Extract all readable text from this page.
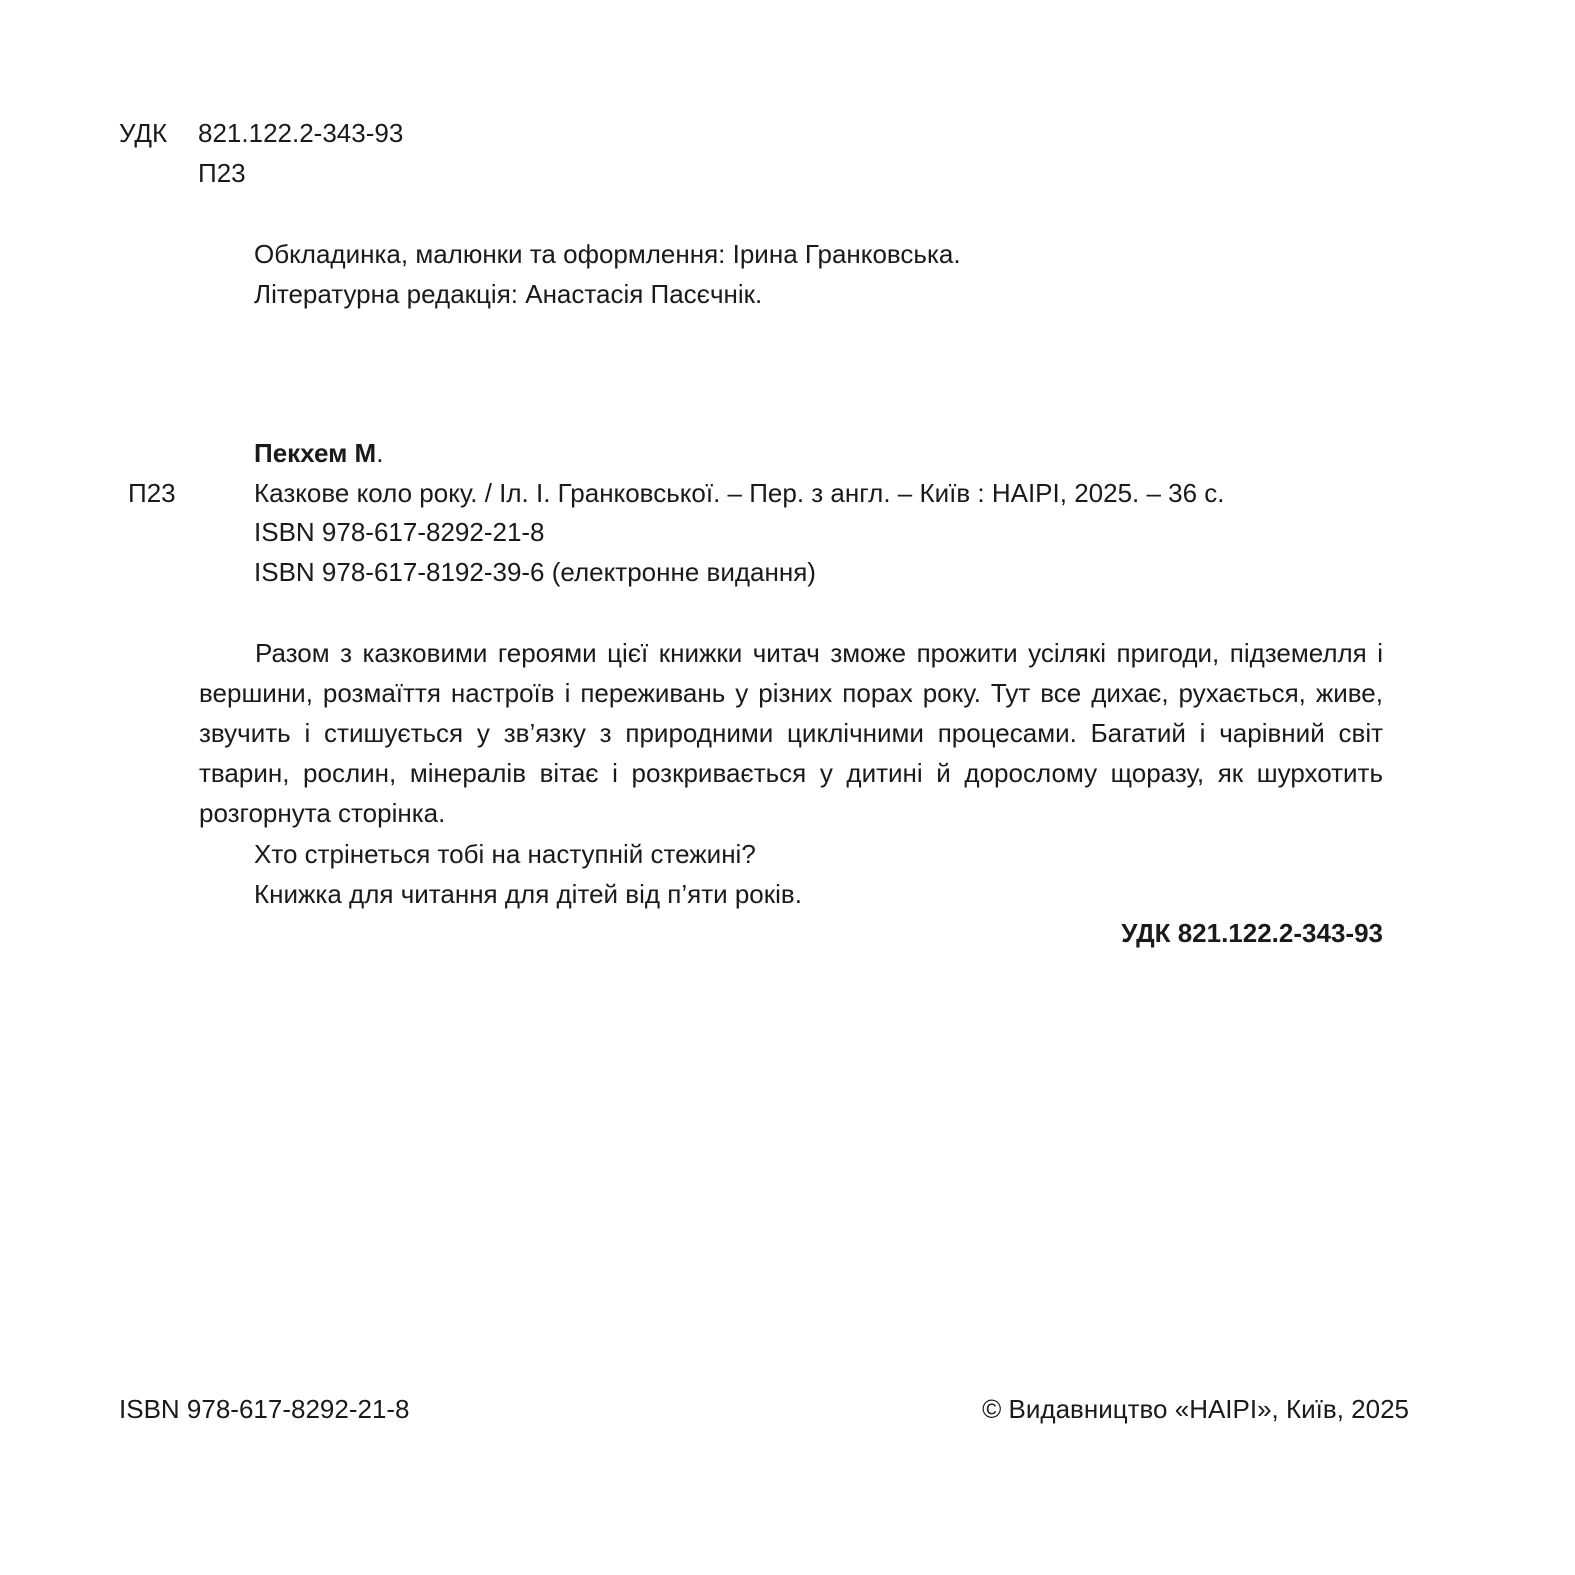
УДК 821.122.2-343-93
П23
Обкладинка, малюнки та оформлення: Ірина Гранковська.
Літературна редакція: Анастасія Пасєчнік.
Пекхем М.
П23	Казкове коло року. / Іл. І. Гранковської. – Пер. з англ. – Київ : НАІРІ, 2025. – 36 с.
ISBN 978-617-8292-21-8
ISBN 978-617-8192-39-6 (електронне видання)

Разом з казковими героями цієї книжки читач зможе прожити усілякі пригоди, підземелля і вершини, розмаїття настроїв і переживань у різних порах року. Тут все дихає, рухається, живе, звучить і стишується у зв’язку з природними циклічними процесами. Багатий і чарівний світ тварин, рослин, мінералів вітає і розкривається у дитині й дорослому щоразу, як шурхотить розгорнута сторінка.

Хто стрінеться тобі на наступній стежині?
Книжка для читання для дітей від п’яти років.
УДК 821.122.2-343-93
ISBN 978-617-8292-21-8	© Видавництво «НАІРІ», Київ, 2025
